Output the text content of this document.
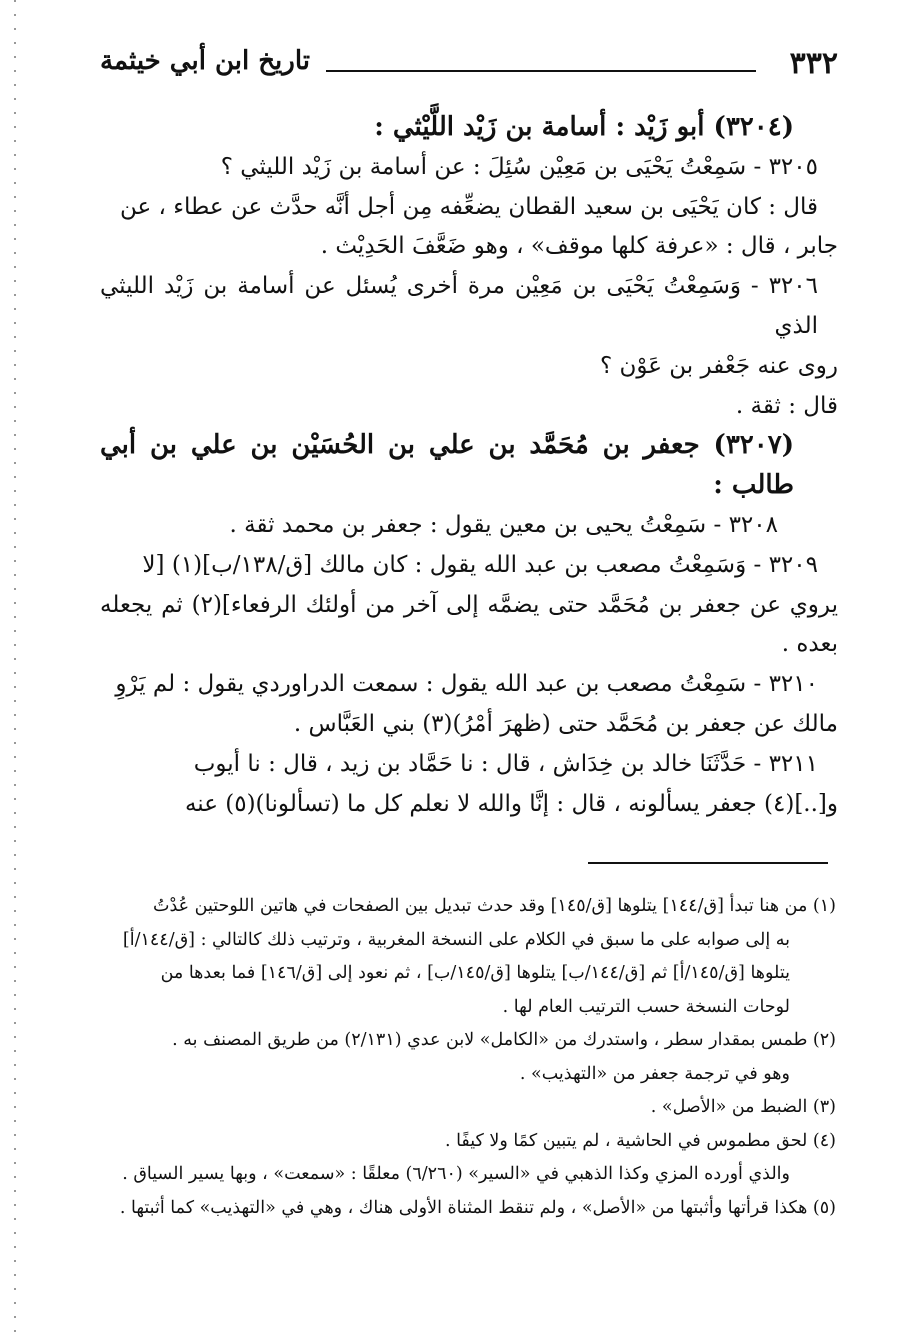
٣٣٢
تاريخ ابن أبي خيثمة

(٣٢٠٤) أبو زَيْد : أسامة بن زَيْد اللَّيْثي :

٣٢٠٥ - سَمِعْتُ يَحْيَى بن مَعِيْن سُئِلَ : عن أسامة بن زَيْد الليثي ؟

قال : كان يَحْيَى بن سعيد القطان يضعِّفه مِن أجل أنَّه حدَّث عن عطاء ، عن

جابر ، قال : «عرفة كلها موقف» ، وهو ضَعَّفَ الحَدِيْث .

٣٢٠٦ - وَسَمِعْتُ يَحْيَى بن مَعِيْن مرة أخرى يُسئل عن أسامة بن زَيْد الليثي الذي

روى عنه جَعْفر بن عَوْن ؟

قال : ثقة .

(٣٢٠٧) جعفر بن مُحَمَّد بن علي بن الحُسَيْن بن علي بن أبي طالب :

٣٢٠٨ - سَمِعْتُ يحيى بن معين يقول : جعفر بن محمد ثقة .

٣٢٠٩ - وَسَمِعْتُ مصعب بن عبد الله يقول : كان مالك [ق/١٣٨/ب](١) [لا

يروي عن جعفر بن مُحَمَّد حتى يضمَّه إلى آخر من أولئك الرفعاء](٢) ثم يجعله بعده .

٣٢١٠ - سَمِعْتُ مصعب بن عبد الله يقول : سمعت الدراوردي يقول : لم يَرْوِ

مالك عن جعفر بن مُحَمَّد حتى (ظهرَ أمْرُ)(٣) بني العَبَّاس .

٣٢١١ - حَدَّثَنَا خالد بن خِدَاش ، قال : نا حَمَّاد بن زيد ، قال : نا أيوب

و[..](٤) جعفر يسألونه ، قال : إنَّا والله لا نعلم كل ما (تسألونا)(٥) عنه

(١) من هنا تبدأ [ق/١٤٤] يتلوها [ق/١٤٥] وقد حدث تبديل بين الصفحات في هاتين اللوحتين عُدْتُ

به إلى صوابه على ما سبق في الكلام على النسخة المغربية ، وترتيب ذلك كالتالي : [ق/١٤٤/أ]

يتلوها [ق/١٤٥/أ] ثم [ق/١٤٤/ب] يتلوها [ق/١٤٥/ب] ، ثم نعود إلى [ق/١٤٦] فما بعدها من

لوحات النسخة حسب الترتيب العام لها .

(٢) طمس بمقدار سطر ، واستدرك من «الكامل» لابن عدي (٢/١٣١) من طريق المصنف به .

وهو في ترجمة جعفر من «التهذيب» .

(٣) الضبط من «الأصل» .

(٤) لحق مطموس في الحاشية ، لم يتبين كمًا ولا كيفًا .

والذي أورده المزي وكذا الذهبي في «السير» (٦/٢٦٠) معلقًا : «سمعت» ، وبها يسير السياق .

(٥) هكذا قرأتها وأثبتها من «الأصل» ، ولم تنقط المثناة الأولى هناك ، وهي في «التهذيب» كما أثبتها .
